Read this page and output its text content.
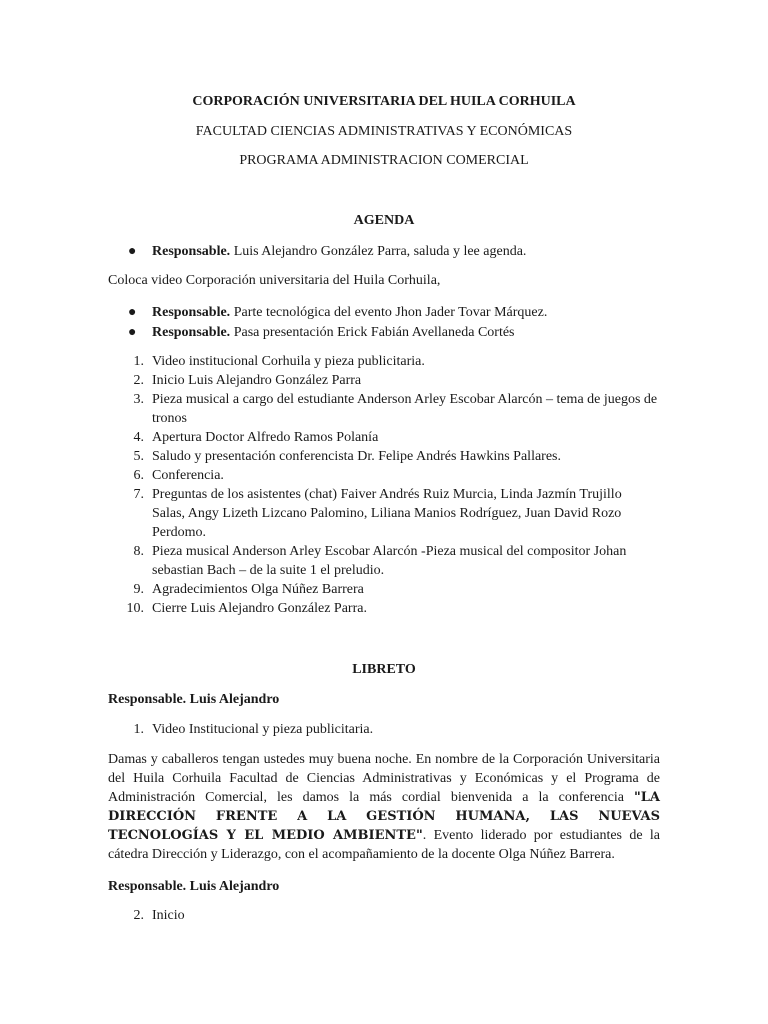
CORPORACIÓN UNIVERSITARIA DEL HUILA CORHUILA
FACULTAD CIENCIAS ADMINISTRATIVAS Y ECONÓMICAS
PROGRAMA ADMINISTRACION COMERCIAL
AGENDA
● Responsable. Luis Alejandro González Parra, saluda y lee agenda.
Coloca video Corporación universitaria del Huila Corhuila,
● Responsable. Parte tecnológica del evento Jhon Jader Tovar Márquez.
● Responsable. Pasa presentación Erick Fabián Avellaneda Cortés
1. Video institucional Corhuila y pieza publicitaria.
2. Inicio Luis Alejandro González Parra
3. Pieza musical a cargo del estudiante Anderson Arley Escobar Alarcón – tema de juegos de tronos
4. Apertura Doctor Alfredo Ramos Polanía
5. Saludo y presentación conferencista Dr. Felipe Andrés Hawkins Pallares.
6. Conferencia.
7. Preguntas de los asistentes (chat) Faiver Andrés Ruiz Murcia, Linda Jazmín Trujillo Salas, Angy Lizeth Lizcano Palomino, Liliana Manios Rodríguez, Juan David Rozo Perdomo.
8. Pieza musical Anderson Arley Escobar Alarcón -Pieza musical del compositor Johan sebastian Bach – de la suite 1 el preludio.
9. Agradecimientos Olga Núñez Barrera
10. Cierre Luis Alejandro González Parra.
LIBRETO
Responsable. Luis Alejandro
1. Video Institucional y pieza publicitaria.
Damas y caballeros tengan ustedes muy buena noche. En nombre de la Corporación Universitaria del Huila Corhuila Facultad de Ciencias Administrativas y Económicas y el Programa de Administración Comercial, les damos la más cordial bienvenida a la conferencia "LA DIRECCIÓN FRENTE A LA GESTIÓN HUMANA, LAS NUEVAS TECNOLOGÍAS Y EL MEDIO AMBIENTE". Evento liderado por estudiantes de la cátedra Dirección y Liderazgo, con el acompañamiento de la docente Olga Núñez Barrera.
Responsable. Luis Alejandro
2. Inicio
